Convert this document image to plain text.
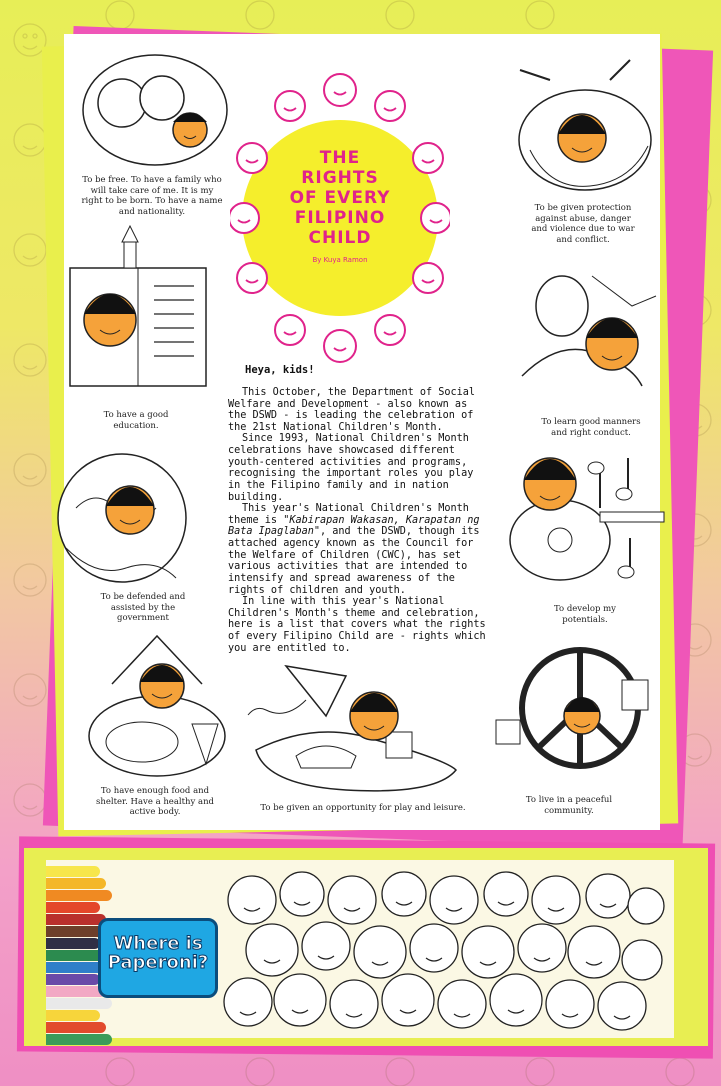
THE
RIGHTS
OF EVERY
FILIPINO
CHILD
By Kuya Ramon
To be free. To have a family who will take care of me. It is my right to be born. To have a name and nationality.
To have a good education.
To be defended and assisted by the government
To have enough food and shelter. Have a healthy and active body.	To be given an opportunity for play and leisure.
To be given protection against abuse, danger and violence due to war and conflict.
To learn good manners and right conduct.
To develop my potentials.
To live in a peaceful community.

Heya, kids!

This October, the Department of Social Welfare and Development - also known as the DSWD - is leading the celebration of the 21st National Children's Month.

Since 1993, National Children's Month celebrations have showcased different youth-centered activities and programs, recognising the important roles you play in the Filipino family and in nation building.

This year's National Children's Month theme is "Kabirapan Wakasan, Karapatan ng Bata Ipaglaban", and the DSWD, though its attached agency known as the Council for the Welfare of Children (CWC), has set various activities that are intended to intensify and spread awareness of the rights of children and youth.

In line with this year's National Children's Month's theme and celebration, here is a list that covers what the rights of every Filipino Child are - rights which you are entitled to.

Where is
Paperoni?
